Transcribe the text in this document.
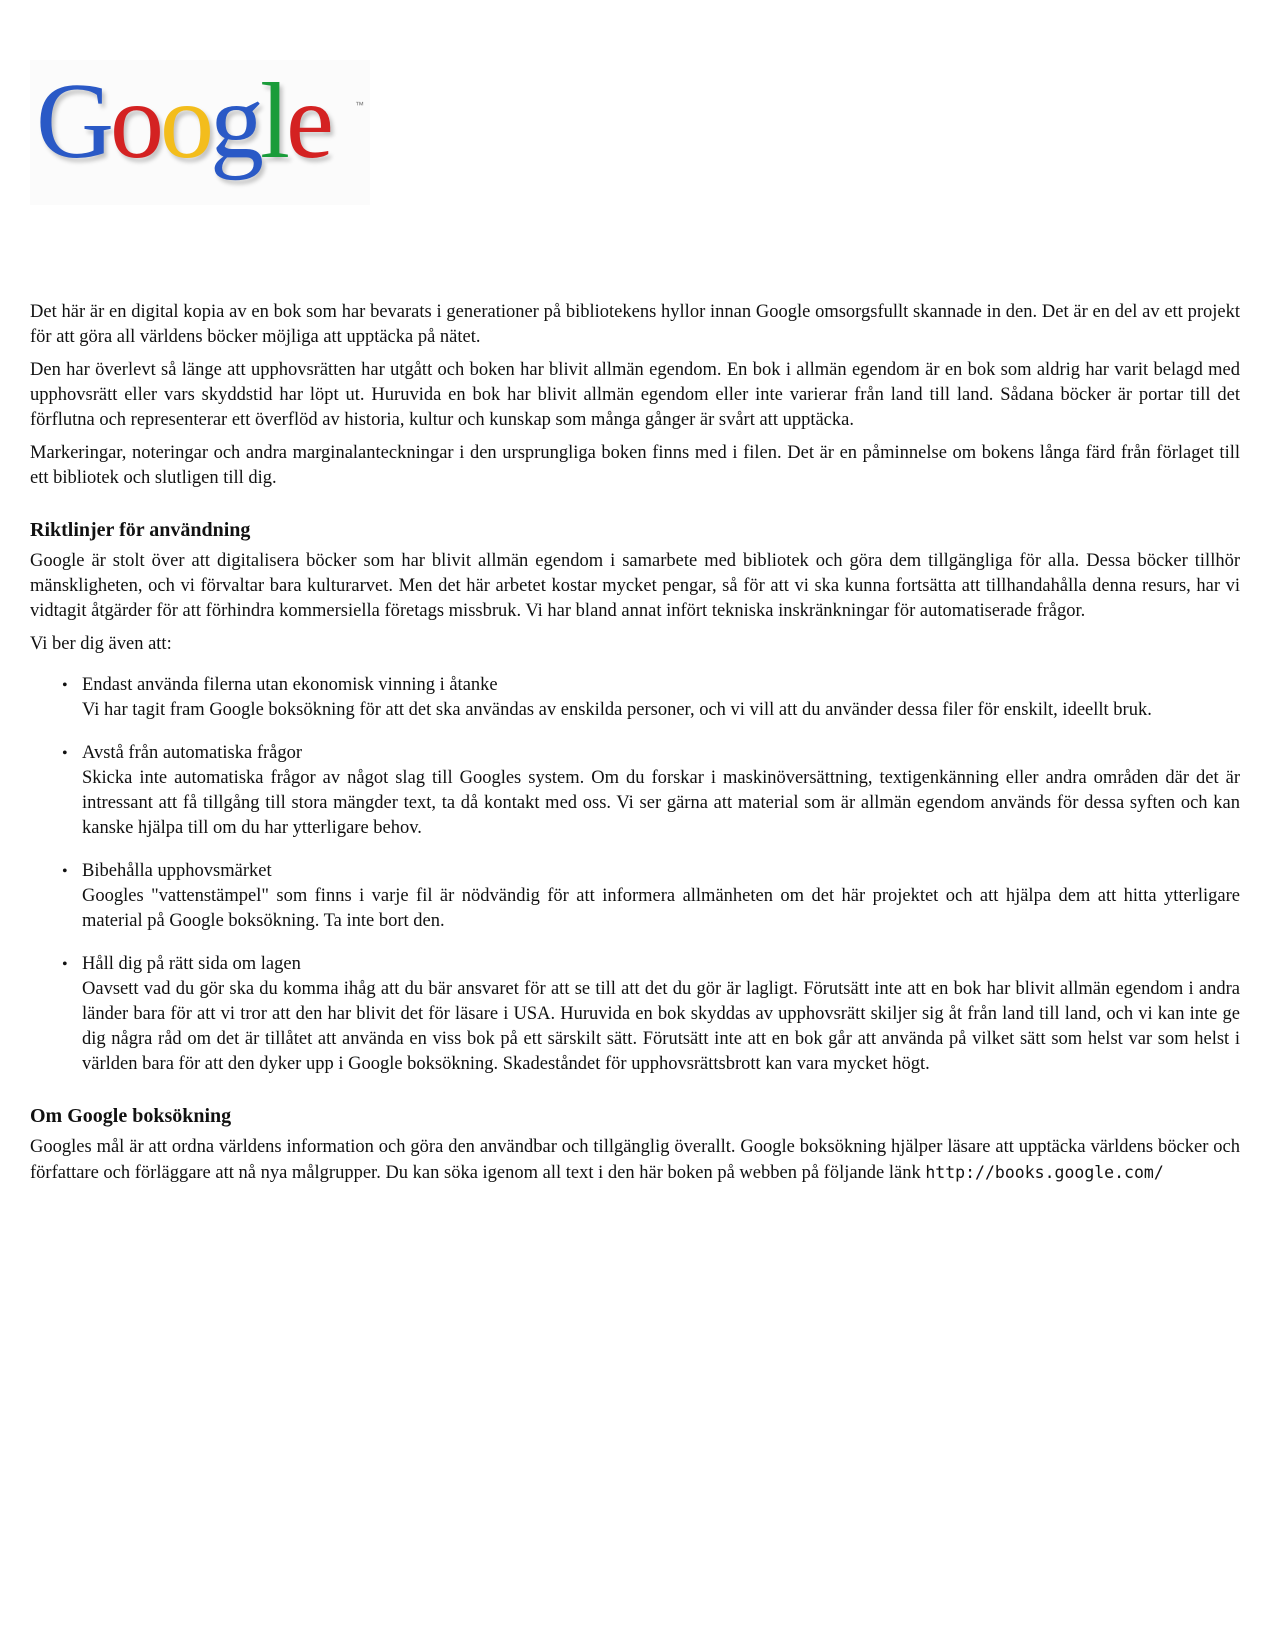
Google	™

Det här är en digital kopia av en bok som har bevarats i generationer på bibliotekens hyllor innan Google omsorgsfullt skannade in den. Det är en del av ett projekt för att göra all världens böcker möjliga att upptäcka på nätet.

Den har överlevt så länge att upphovsrätten har utgått och boken har blivit allmän egendom. En bok i allmän egendom är en bok som aldrig har varit belagd med upphovsrätt eller vars skyddstid har löpt ut. Huruvida en bok har blivit allmän egendom eller inte varierar från land till land. Sådana böcker är portar till det förflutna och representerar ett överflöd av historia, kultur och kunskap som många gånger är svårt att upptäcka.

Markeringar, noteringar och andra marginalanteckningar i den ursprungliga boken finns med i filen. Det är en påminnelse om bokens långa färd från förlaget till ett bibliotek och slutligen till dig.

Riktlinjer för användning

Google är stolt över att digitalisera böcker som har blivit allmän egendom i samarbete med bibliotek och göra dem tillgängliga för alla. Dessa böcker tillhör mänskligheten, och vi förvaltar bara kulturarvet. Men det här arbetet kostar mycket pengar, så för att vi ska kunna fortsätta att tillhandahålla denna resurs, har vi vidtagit åtgärder för att förhindra kommersiella företags missbruk. Vi har bland annat infört tekniska inskränkningar för automatiserade frågor.

Vi ber dig även att:

• Endast använda filerna utan ekonomisk vinning i åtanke
Vi har tagit fram Google boksökning för att det ska användas av enskilda personer, och vi vill att du använder dessa filer för enskilt, ideellt bruk.
• Avstå från automatiska frågor
Skicka inte automatiska frågor av något slag till Googles system. Om du forskar i maskinöversättning, textigenkänning eller andra områden där det är intressant att få tillgång till stora mängder text, ta då kontakt med oss. Vi ser gärna att material som är allmän egendom används för dessa syften och kan kanske hjälpa till om du har ytterligare behov.
• Bibehålla upphovsmärket
Googles "vattenstämpel" som finns i varje fil är nödvändig för att informera allmänheten om det här projektet och att hjälpa dem att hitta ytterligare material på Google boksökning. Ta inte bort den.
• Håll dig på rätt sida om lagen
Oavsett vad du gör ska du komma ihåg att du bär ansvaret för att se till att det du gör är lagligt. Förutsätt inte att en bok har blivit allmän egendom i andra länder bara för att vi tror att den har blivit det för läsare i USA. Huruvida en bok skyddas av upphovsrätt skiljer sig åt från land till land, och vi kan inte ge dig några råd om det är tillåtet att använda en viss bok på ett särskilt sätt. Förutsätt inte att en bok går att använda på vilket sätt som helst var som helst i världen bara för att den dyker upp i Google boksökning. Skadeståndet för upphovsrättsbrott kan vara mycket högt.
Om Google boksökning

Googles mål är att ordna världens information och göra den användbar och tillgänglig överallt. Google boksökning hjälper läsare att upptäcka världens böcker och författare och förläggare att nå nya målgrupper. Du kan söka igenom all text i den här boken på webben på följande länk http://books.google.com/
